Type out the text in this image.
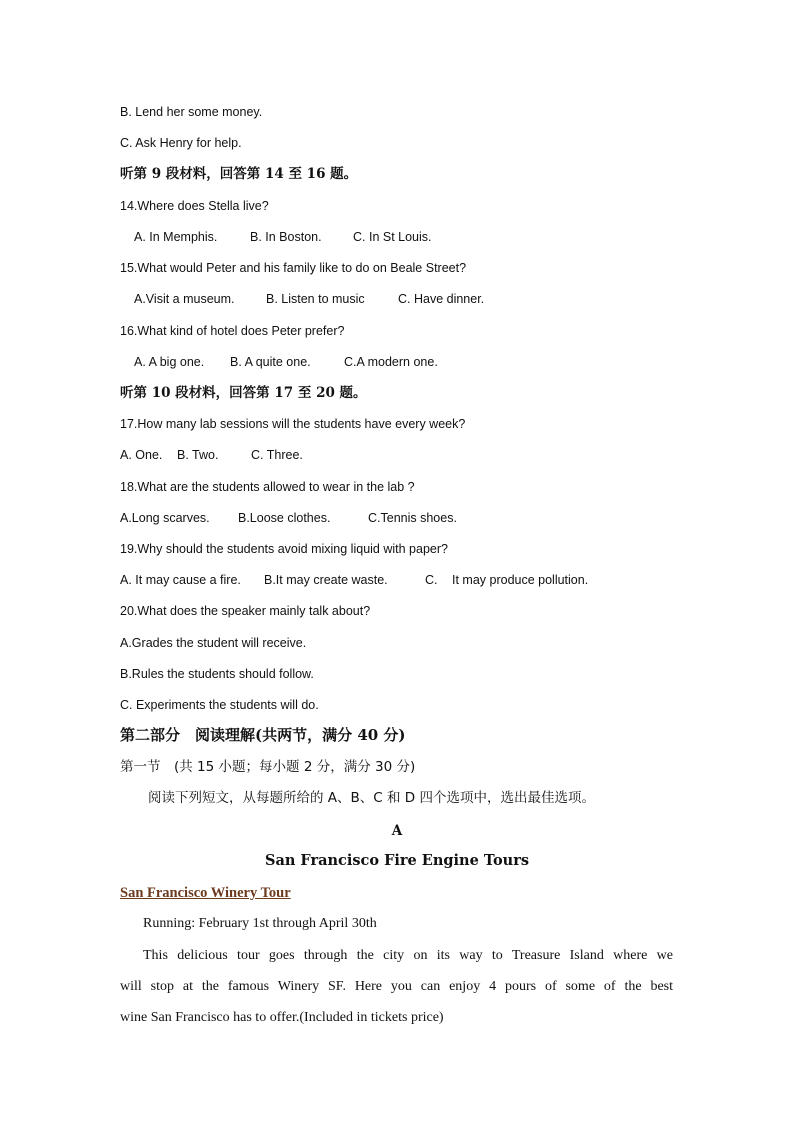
B. Lend her some money.
C. Ask Henry for help.
听第 9 段材料，回答第 14 至 16 题。
14.Where does Stella live?
A. In Memphis.	B. In Boston.	C. In St Louis.
15.What would Peter and his family like to do on Beale Street?
A.Visit a museum.	B. Listen to music	C. Have dinner.
16.What kind of hotel does Peter prefer?
A. A big one. B. A quite one.	C.A modern one.
听第 10 段材料，回答第 17 至 20 题。
17.How many lab sessions will the students have every week?
A. One. B. Two.	C. Three.
18.What are the students allowed to wear in the lab ?
A.Long scarves. B.Loose clothes.	C.Tennis shoes.
19.Why should the students avoid mixing liquid with paper?
A. It may cause a fire. B.It may create waste.	C. It may produce pollution.
20.What does the speaker mainly talk about?
A.Grades the student will receive.
B.Rules the students should follow.
C. Experiments the students will do.
第二部分　阅读理解(共两节，满分 40 分)
第一节　(共 15 小题；每小题 2 分，满分 30 分)
阅读下列短文，从每题所给的 A、B、C 和 D 四个选项中，选出最佳选项。
A
San Francisco Fire Engine Tours
San Francisco Winery Tour
Running: February 1st through April 30th
This delicious tour goes through the city on its way to Treasure Island where we
will stop at the famous Winery SF. Here you can enjoy 4 pours of some of the best
wine San Francisco has to offer.(Included in tickets price)
